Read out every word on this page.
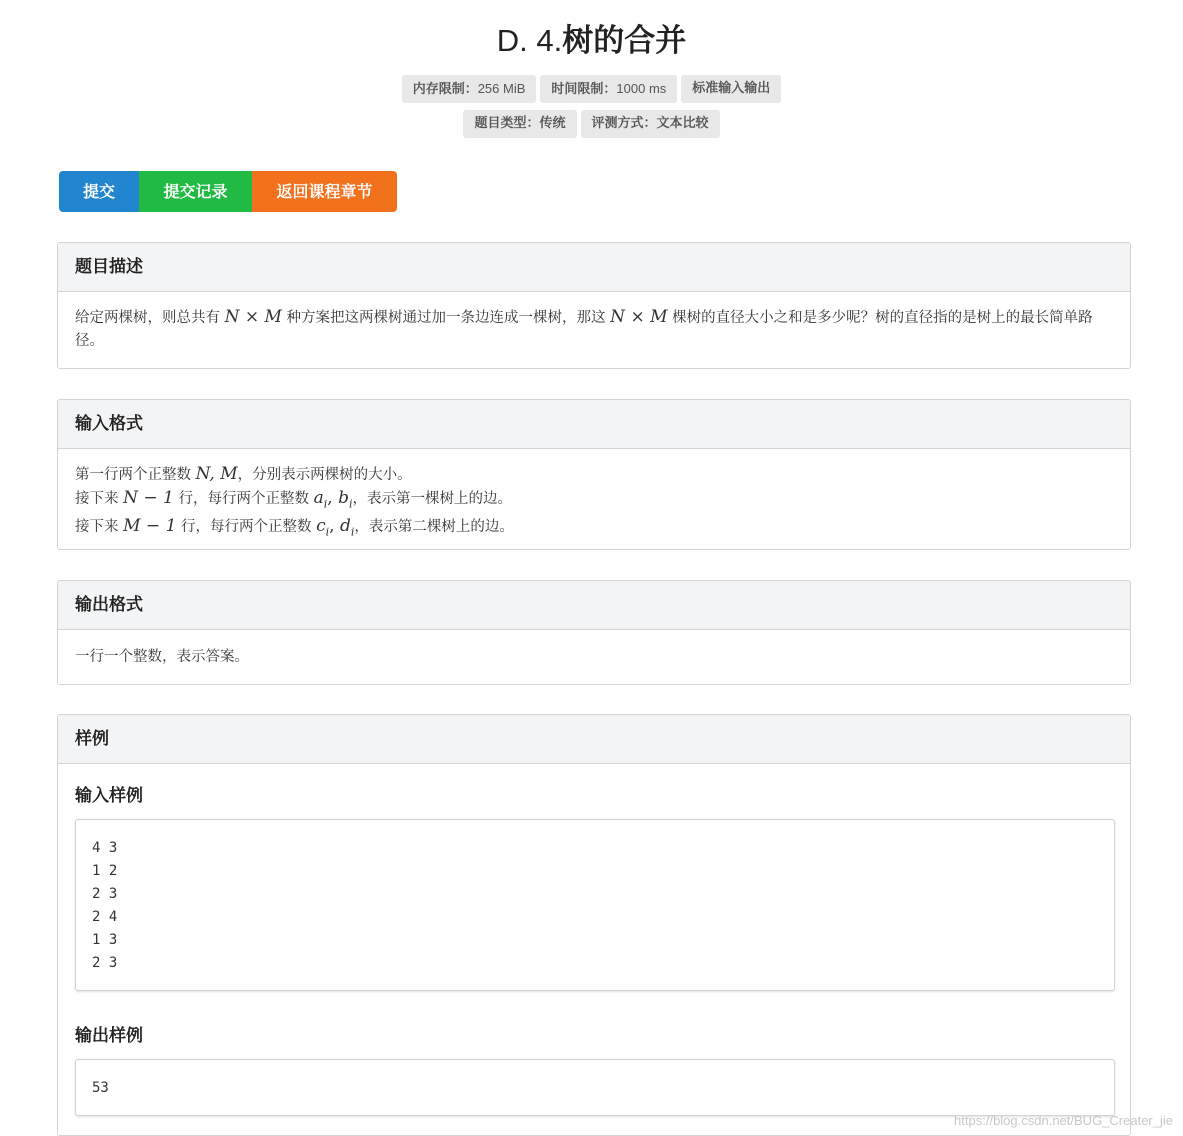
D. 4.树的合并
内存限制：256 MiB	时间限制：1000 ms	标准输入输出
题目类型：传统	评测方式：文本比较
提交	提交记录	返回课程章节
题目描述
给定两棵树，则总共有 N × M 种方案把这两棵树通过加一条边连成一棵树，那这 N × M 棵树的直径大小之和是多少呢？树的直径指的是树上的最长简单路径。
输入格式
第一行两个正整数 N, M，分别表示两棵树的大小。
接下来 N − 1 行，每行两个正整数 $a_i$, $b_i$，表示第一棵树上的边。
接下来 M − 1 行，每行两个正整数 $c_i$, $d_i$，表示第二棵树上的边。
输出格式
一行一个整数，表示答案。
样例
输入样例
4 3
1 2
2 3
2 4
1 3
2 3
输出样例
53
https://blog.csdn.net/BUG_Creater_jie
